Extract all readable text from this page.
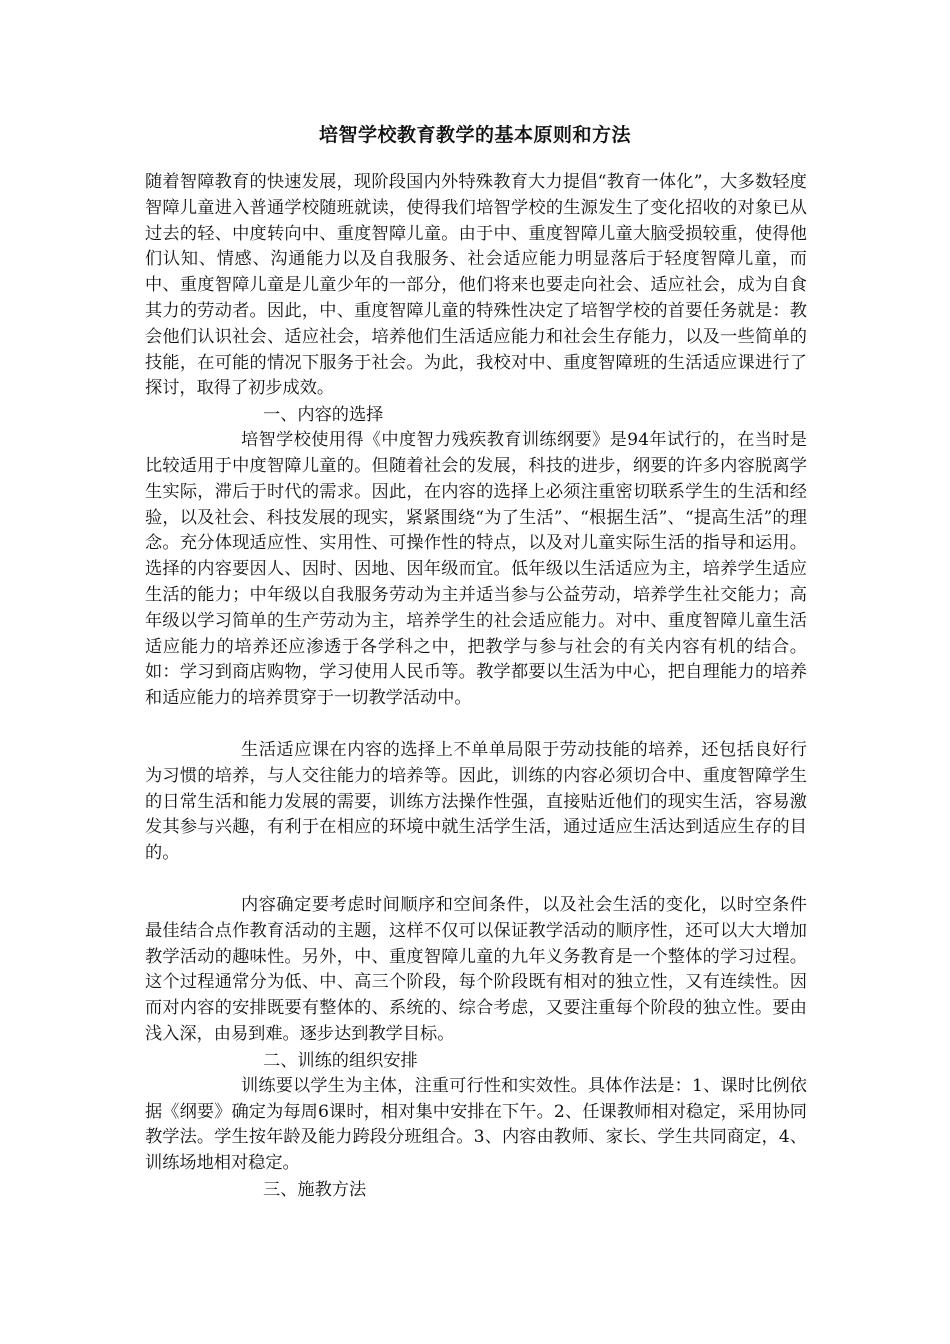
培智学校教育教学的基本原则和方法

随着智障教育的快速发展，现阶段国内外特殊教育大力提倡“教育一体化”，大多数轻度智障儿童进入普通学校随班就读，使得我们培智学校的生源发生了变化招收的对象已从过去的轻、中度转向中、重度智障儿童。由于中、重度智障儿童大脑受损较重，使得他们认知、情感、沟通能力以及自我服务、社会适应能力明显落后于轻度智障儿童，而中、重度智障儿童是儿童少年的一部分，他们将来也要走向社会、适应社会，成为自食其力的劳动者。因此，中、重度智障儿童的特殊性决定了培智学校的首要任务就是：教会他们认识社会、适应社会，培养他们生活适应能力和社会生存能力，以及一些简单的技能，在可能的情况下服务于社会。为此，我校对中、重度智障班的生活适应课进行了探讨，取得了初步成效。

一、内容的选择

培智学校使用得《中度智力残疾教育训练纲要》是94年试行的，在当时是比较适用于中度智障儿童的。但随着社会的发展，科技的进步，纲要的许多内容脱离学生实际，滞后于时代的需求。因此，在内容的选择上必须注重密切联系学生的生活和经验，以及社会、科技发展的现实，紧紧围绕“为了生活”、“根据生活”、“提高生活”的理念。充分体现适应性、实用性、可操作性的特点，以及对儿童实际生活的指导和运用。选择的内容要因人、因时、因地、因年级而宜。低年级以生活适应为主，培养学生适应生活的能力；中年级以自我服务劳动为主并适当参与公益劳动，培养学生社交能力；高年级以学习简单的生产劳动为主，培养学生的社会适应能力。对中、重度智障儿童生活适应能力的培养还应渗透于各学科之中，把教学与参与社会的有关内容有机的结合。如：学习到商店购物，学习使用人民币等。教学都要以生活为中心，把自理能力的培养和适应能力的培养贯穿于一切教学活动中。

生活适应课在内容的选择上不单单局限于劳动技能的培养，还包括良好行为习惯的培养，与人交往能力的培养等。因此，训练的内容必须切合中、重度智障学生的日常生活和能力发展的需要，训练方法操作性强，直接贴近他们的现实生活，容易激发其参与兴趣，有利于在相应的环境中就生活学生活，通过适应生活达到适应生存的目的。

内容确定要考虑时间顺序和空间条件，以及社会生活的变化，以时空条件最佳结合点作教育活动的主题，这样不仅可以保证教学活动的顺序性，还可以大大增加教学活动的趣味性。另外，中、重度智障儿童的九年义务教育是一个整体的学习过程。这个过程通常分为低、中、高三个阶段，每个阶段既有相对的独立性，又有连续性。因而对内容的安排既要有整体的、系统的、综合考虑，又要注重每个阶段的独立性。要由浅入深，由易到难。逐步达到教学目标。

二、训练的组织安排

训练要以学生为主体，注重可行性和实效性。具体作法是：1、课时比例依据《纲要》确定为每周6课时，相对集中安排在下午。2、任课教师相对稳定，采用协同教学法。学生按年龄及能力跨段分班组合。3、内容由教师、家长、学生共同商定，4、训练场地相对稳定。

三、施教方法
